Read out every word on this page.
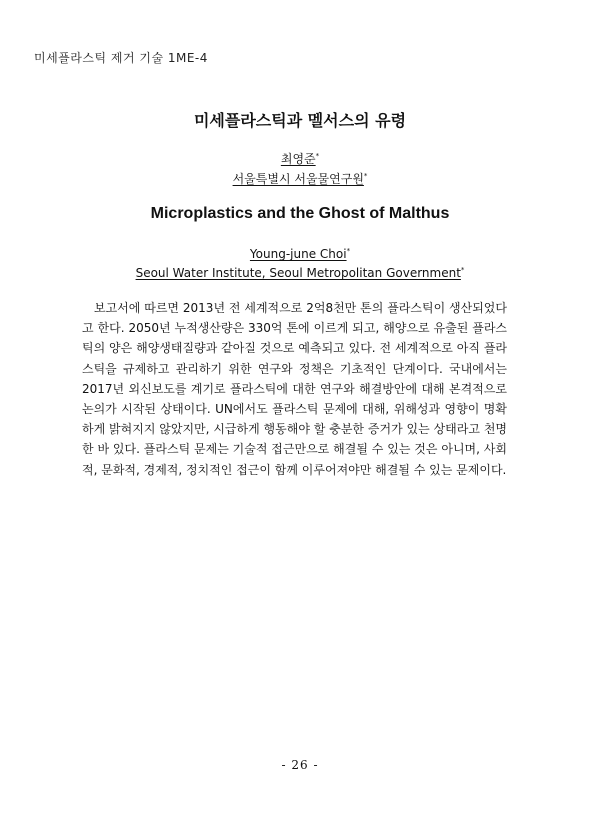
미세플라스틱 제거 기술 1ME-4
미세플라스틱과 멜서스의 유령
최영준*
서울특별시 서울물연구원*
Microplastics and the Ghost of Malthus
Young-june Choi*
Seoul Water Institute, Seoul Metropolitan Government*

보고서에 따르면 2013년 전 세계적으로 2억8천만 톤의 플라스틱이 생산되었다고 한다. 2050년 누적생산량은 330억 톤에 이르게 되고, 해양으로 유출된 플라스틱의 양은 해양생태질량과 같아질 것으로 예측되고 있다. 전 세계적으로 아직 플라스틱을 규제하고 관리하기 위한 연구와 정책은 기초적인 단계이다. 국내에서는 2017년 외신보도를 계기로 플라스틱에 대한 연구와 해결방안에 대해 본격적으로 논의가 시작된 상태이다. UN에서도 플라스틱 문제에 대해, 위해성과 영향이 명확하게 밝혀지지 않았지만, 시급하게 행동해야 할 충분한 증거가 있는 상태라고 천명한 바 있다. 플라스틱 문제는 기술적 접근만으로 해결될 수 있는 것은 아니며, 사회적, 문화적, 경제적, 정치적인 접근이 함께 이루어져야만 해결될 수 있는 문제이다.

- 26 -
